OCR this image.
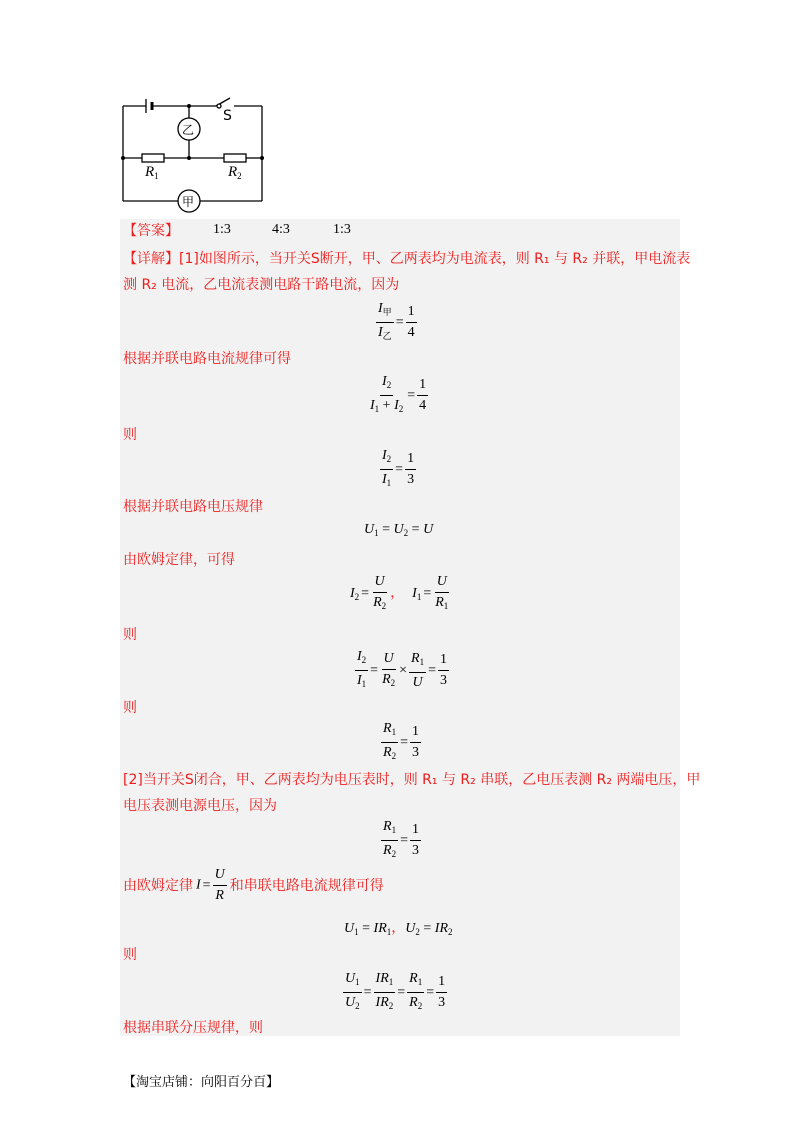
S
乙
甲
$R_1$	$R_2$
【答案】 1:3	4:3	1:3
【详解】[1]如图所示，当开关S断开，甲、乙两表均为电流表，则 R₁ 与 R₂ 并联，甲电流表
测 R₂ 电流，乙电流表测电路干路电流，因为
$\frac{I_甲}{I_乙} = \frac{1}{4}$
根据并联电路电流规律可得
$\frac{I_2}{I_1 + I_2} = \frac{1}{4}$
则
$\frac{I_2}{I_1} = \frac{1}{3}$
根据并联电路电压规律
$U_1 = U_2 = U$
由欧姆定律，可得
$I_2 = \frac{U}{R_2}$ ， $I_1 = \frac{U}{R_1}$
则
$\frac{I_2}{I_1} = \frac{U}{R_2} \times \frac{R_1}{U} = \frac{1}{3}$
则
$\frac{R_1}{R_2} = \frac{1}{3}$
[2]当开关S闭合，甲、乙两表均为电压表时，则 R₁ 与 R₂ 串联，乙电压表测 R₂ 两端电压，甲
电压表测电源电压，因为
$\frac{R_1}{R_2} = \frac{1}{3}$
由欧姆定律 $I = \frac{U}{R}$ 和串联电路电流规律可得
$U_1 = IR_1$，$U_2 = IR_2$
则
$\frac{U_1}{U_2} = \frac{IR_1}{IR_2} = \frac{R_1}{R_2} = \frac{1}{3}$
根据串联分压规律，则
【淘宝店铺：向阳百分百】
